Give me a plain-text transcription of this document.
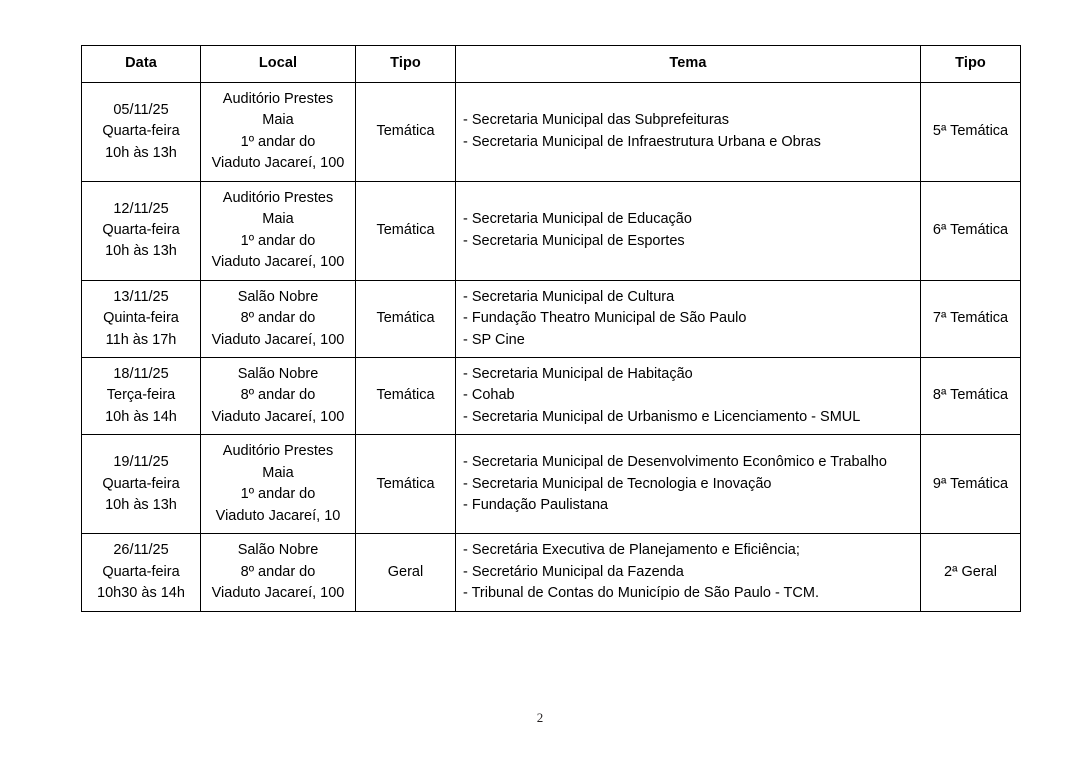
Data	Local	Tipo	Tema	Tipo

05/11/25
Quarta-feira
10h às 13h	Auditório Prestes
Maia
1º andar do
Viaduto Jacareí, 100	Temática	- Secretaria Municipal das Subprefeituras
- Secretaria Municipal de Infraestrutura Urbana e Obras	5ª Temática

12/11/25
Quarta-feira
10h às 13h	Auditório Prestes
Maia
1º andar do
Viaduto Jacareí, 100	Temática	- Secretaria Municipal de Educação
- Secretaria Municipal de Esportes	6ª Temática

13/11/25
Quinta-feira
11h às 17h	Salão Nobre
8º andar do
Viaduto Jacareí, 100	Temática	- Secretaria Municipal de Cultura
- Fundação Theatro Municipal de São Paulo
- SP Cine	7ª Temática

18/11/25
Terça-feira
10h às 14h	Salão Nobre
8º andar do
Viaduto Jacareí, 100	Temática	- Secretaria Municipal de Habitação
- Cohab
- Secretaria Municipal de Urbanismo e Licenciamento - SMUL	8ª Temática

19/11/25
Quarta-feira
10h às 13h	Auditório Prestes
Maia
1º andar do
Viaduto Jacareí, 10	Temática	- Secretaria Municipal de Desenvolvimento Econômico e Trabalho
- Secretaria Municipal de Tecnologia e Inovação
- Fundação Paulistana	9ª Temática

26/11/25
Quarta-feira
10h30 às 14h	Salão Nobre
8º andar do
Viaduto Jacareí, 100	Geral	- Secretária Executiva de Planejamento e Eficiência;
- Secretário Municipal da Fazenda
- Tribunal de Contas do Município de São Paulo - TCM.	2ª Geral
2
